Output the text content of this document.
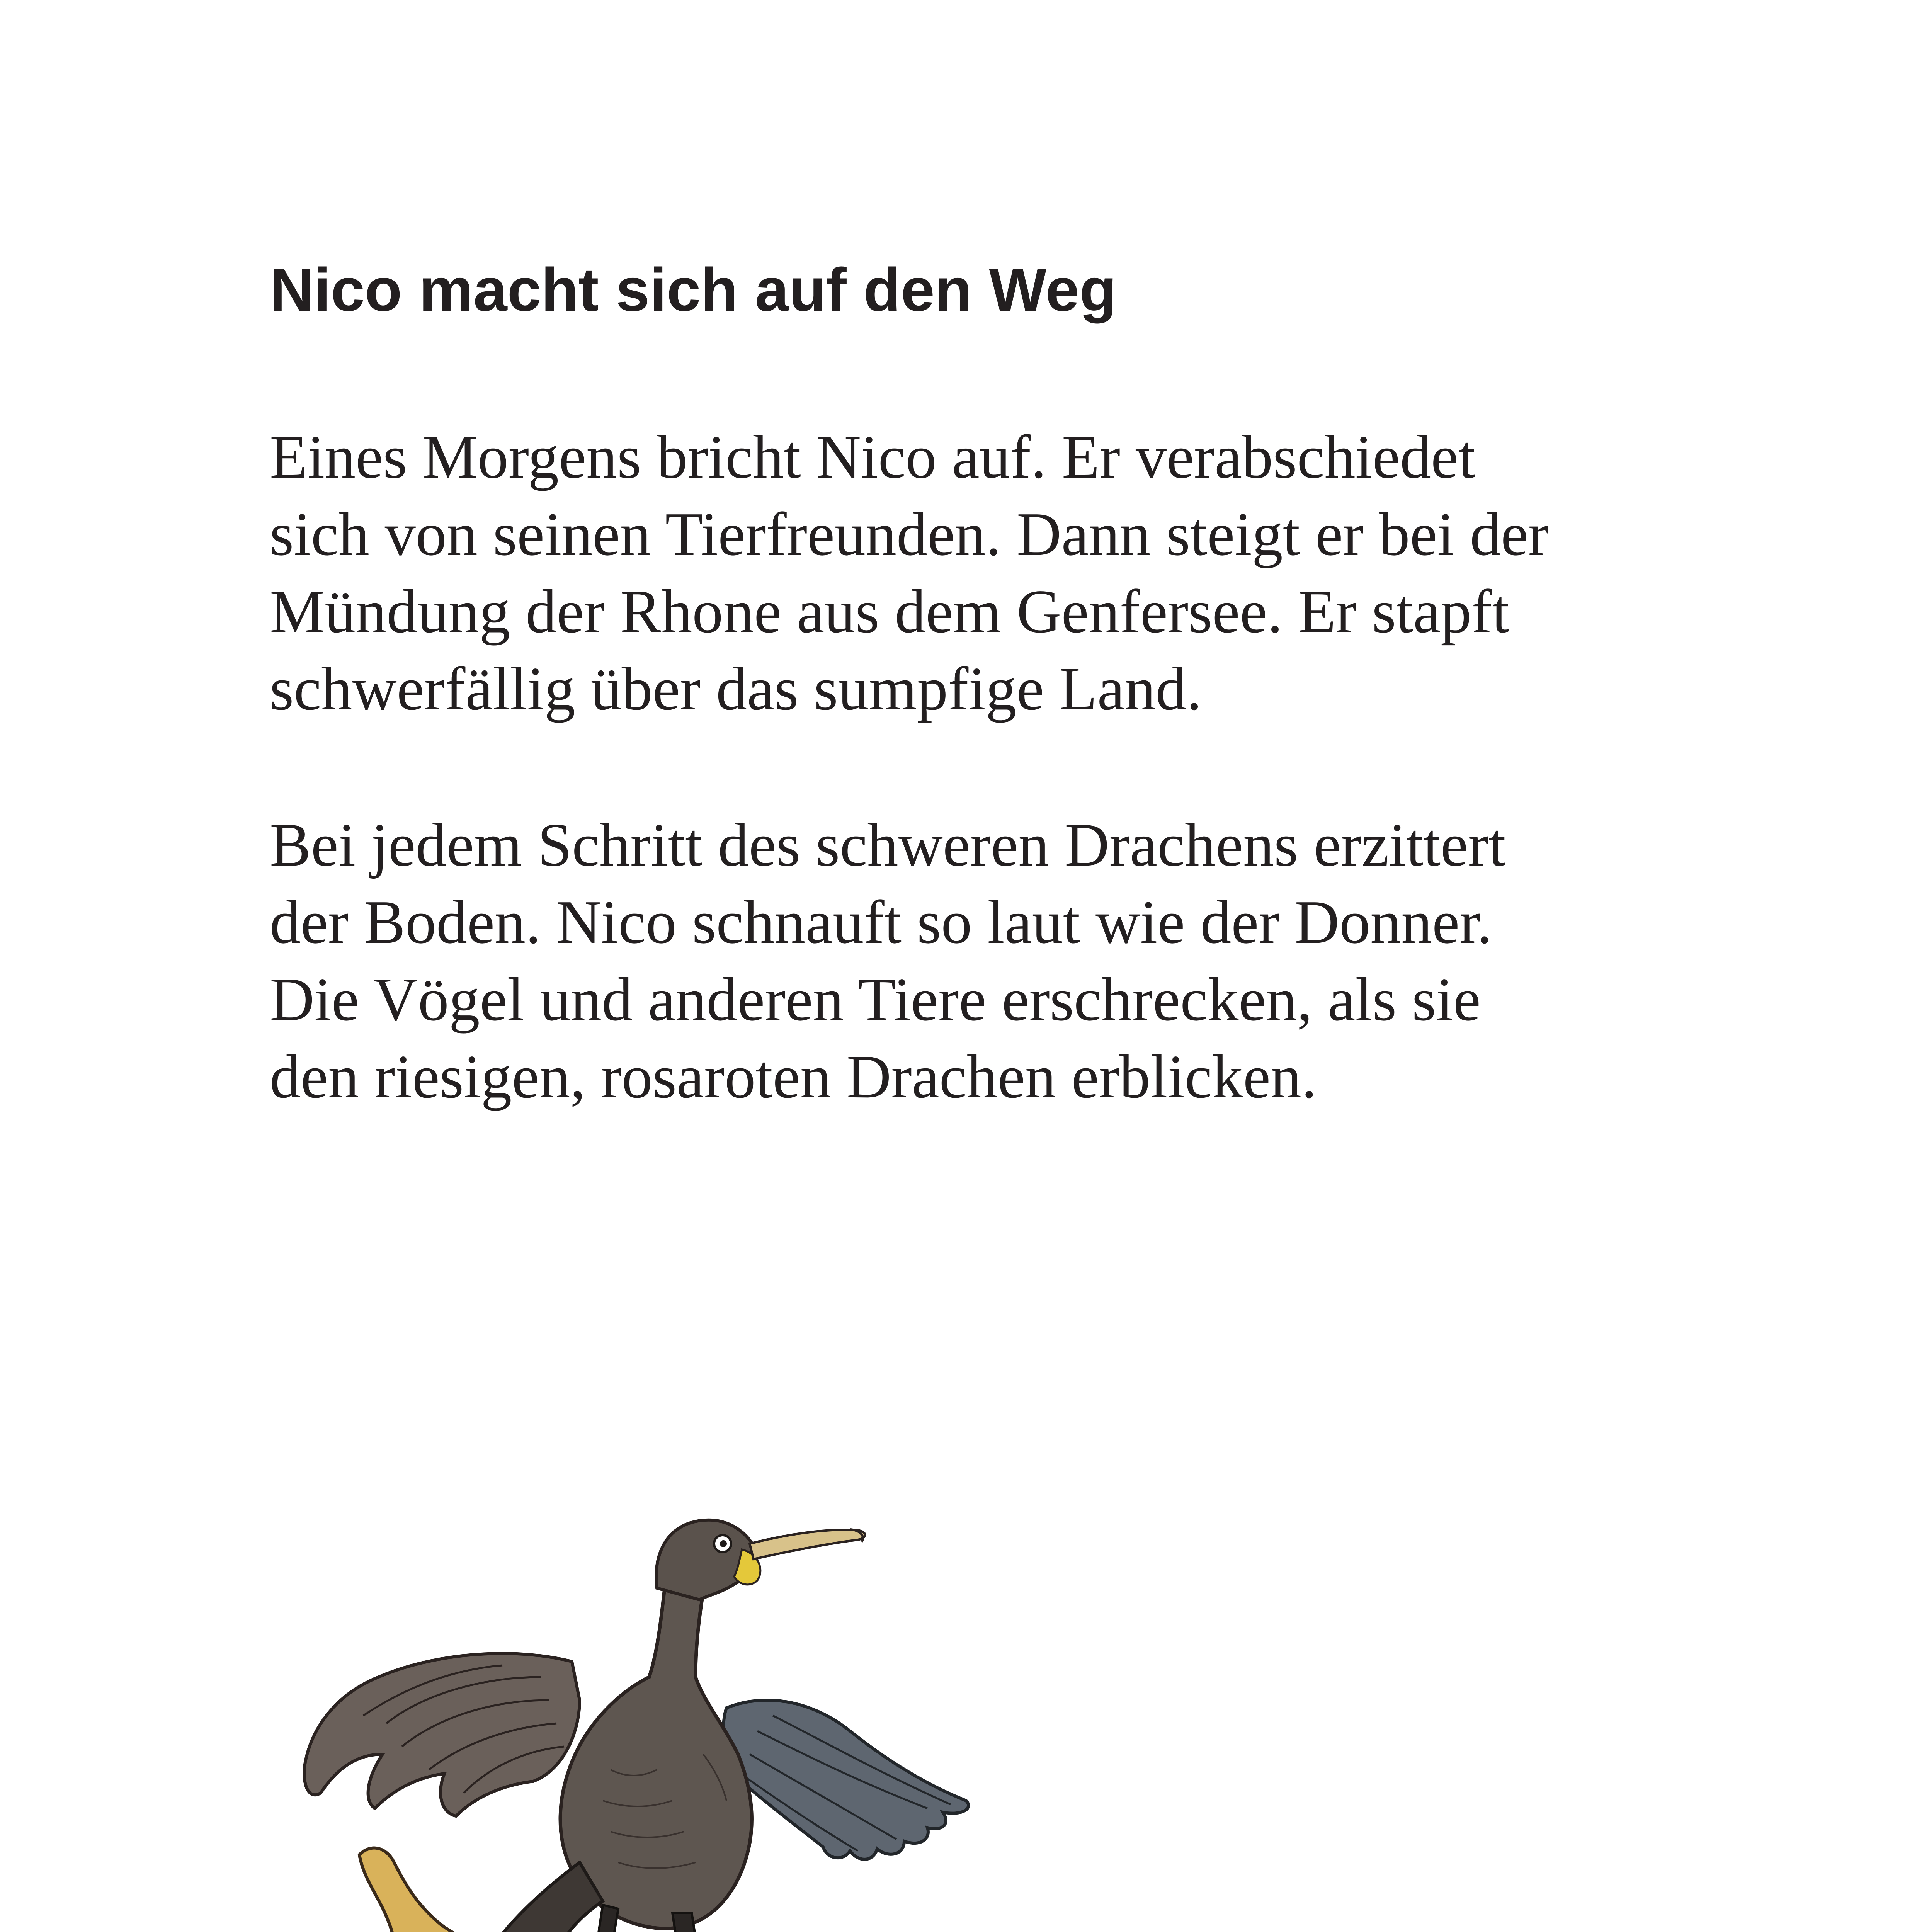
Nico macht sich auf den Weg
Eines Morgens bricht Nico auf. Er verabschiedet
sich von seinen Tierfreunden. Dann steigt er bei der
Mündung der Rhone aus dem Genfersee. Er stapft
schwerfällig über das sumpfige Land.
Bei jedem Schritt des schweren Drachens erzittert
der Boden. Nico schnauft so laut wie der Donner.
Die Vögel und anderen Tiere erschrecken, als sie
den riesigen, rosaroten Drachen erblicken.
